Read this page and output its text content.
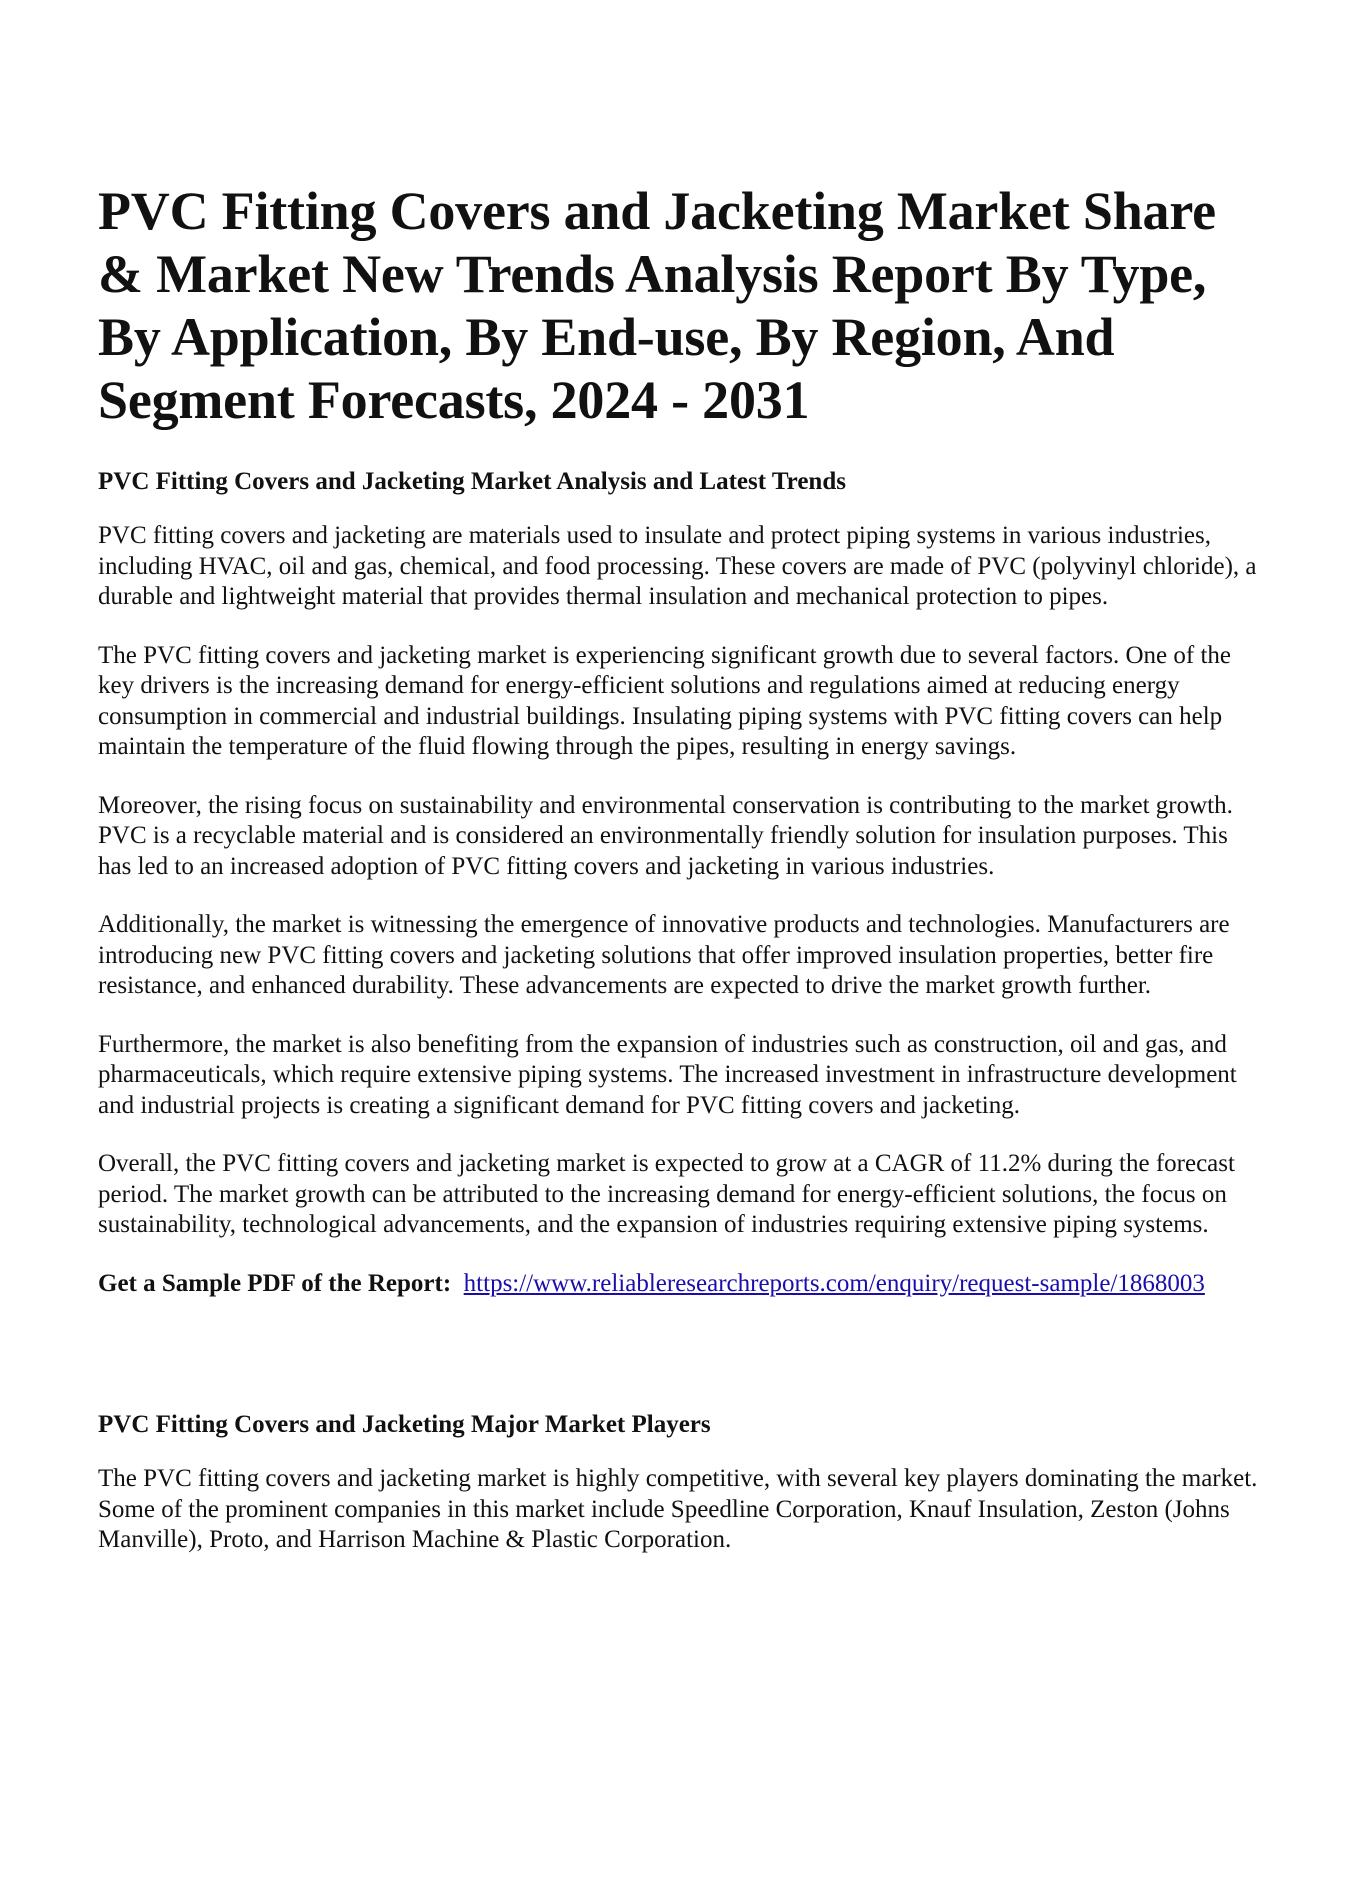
PVC Fitting Covers and Jacketing Market Share & Market New Trends Analysis Report By Type, By Application, By End-use, By Region, And Segment Forecasts, 2024 - 2031
PVC Fitting Covers and Jacketing Market Analysis and Latest Trends

PVC fitting covers and jacketing are materials used to insulate and protect piping systems in various industries, including HVAC, oil and gas, chemical, and food processing. These covers are made of PVC (polyvinyl chloride), a durable and lightweight material that provides thermal insulation and mechanical protection to pipes.

The PVC fitting covers and jacketing market is experiencing significant growth due to several factors. One of the key drivers is the increasing demand for energy-efficient solutions and regulations aimed at reducing energy consumption in commercial and industrial buildings. Insulating piping systems with PVC fitting covers can help maintain the temperature of the fluid flowing through the pipes, resulting in energy savings.

Moreover, the rising focus on sustainability and environmental conservation is contributing to the market growth. PVC is a recyclable material and is considered an environmentally friendly solution for insulation purposes. This has led to an increased adoption of PVC fitting covers and jacketing in various industries.

Additionally, the market is witnessing the emergence of innovative products and technologies. Manufacturers are introducing new PVC fitting covers and jacketing solutions that offer improved insulation properties, better fire resistance, and enhanced durability. These advancements are expected to drive the market growth further.

Furthermore, the market is also benefiting from the expansion of industries such as construction, oil and gas, and pharmaceuticals, which require extensive piping systems. The increased investment in infrastructure development and industrial projects is creating a significant demand for PVC fitting covers and jacketing.

Overall, the PVC fitting covers and jacketing market is expected to grow at a CAGR of 11.2% during the forecast period. The market growth can be attributed to the increasing demand for energy-efficient solutions, the focus on sustainability, technological advancements, and the expansion of industries requiring extensive piping systems.

Get a Sample PDF of the Report: https://www.reliableresearchreports.com/enquiry/request-sample/1868003

PVC Fitting Covers and Jacketing Major Market Players

The PVC fitting covers and jacketing market is highly competitive, with several key players dominating the market. Some of the prominent companies in this market include Speedline Corporation, Knauf Insulation, Zeston (Johns Manville), Proto, and Harrison Machine & Plastic Corporation.
